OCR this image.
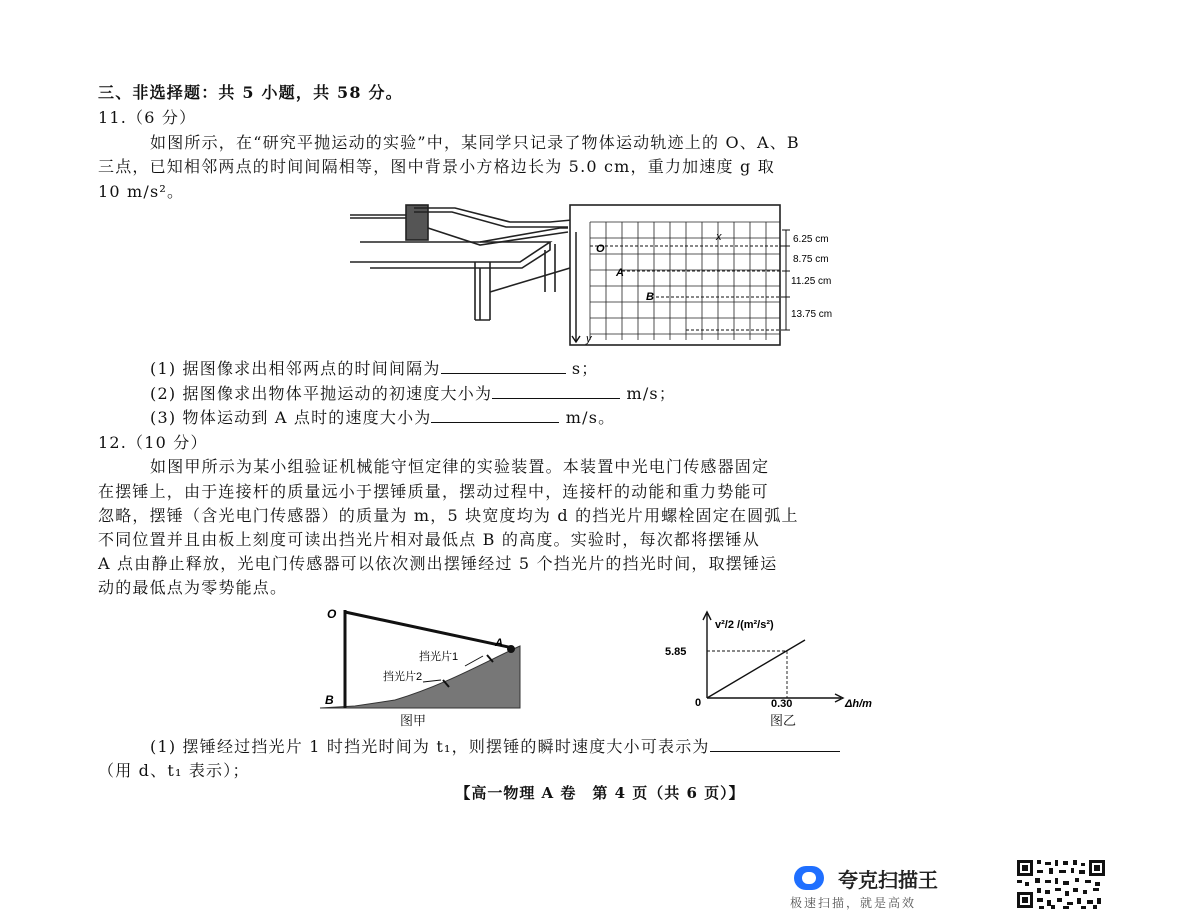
三、非选择题：共 5 小题，共 58 分。
11.（6 分）
如图所示，在“研究平抛运动的实验”中，某同学只记录了物体运动轨迹上的 O、A、B
三点，已知相邻两点的时间间隔相等，图中背景小方格边长为 5.0 cm，重力加速度 g 取
10 m/s²。
y
x
O
A
B
6.25 cm
8.75 cm
11.25 cm
13.75 cm
(1) 据图像求出相邻两点的时间间隔为	s；
(2) 据图像求出物体平抛运动的初速度大小为	m/s；
(3) 物体运动到 A 点时的速度大小为	m/s。
12.（10 分）
如图甲所示为某小组验证机械能守恒定律的实验装置。本装置中光电门传感器固定
在摆锤上，由于连接杆的质量远小于摆锤质量，摆动过程中，连接杆的动能和重力势能可
忽略，摆锤（含光电门传感器）的质量为 m，5 块宽度均为 d 的挡光片用螺栓固定在圆弧上
不同位置并且由板上刻度可读出挡光片相对最低点 B 的高度。实验时，每次都将摆锤从
A 点由静止释放，光电门传感器可以依次测出摆锤经过 5 个挡光片的挡光时间，取摆锤运
动的最低点为零势能点。
O
A
B
挡光片1
挡光片2
图甲
v²/2 /(m²/s²)
5.85
0	0.30	Δh/m
图乙
(1) 摆锤经过挡光片 1 时挡光时间为 t₁，则摆锤的瞬时速度大小可表示为
（用 d、t₁ 表示）；
【高一物理 A 卷　第 4 页（共 6 页）】
夸克扫描王
极速扫描，就是高效
